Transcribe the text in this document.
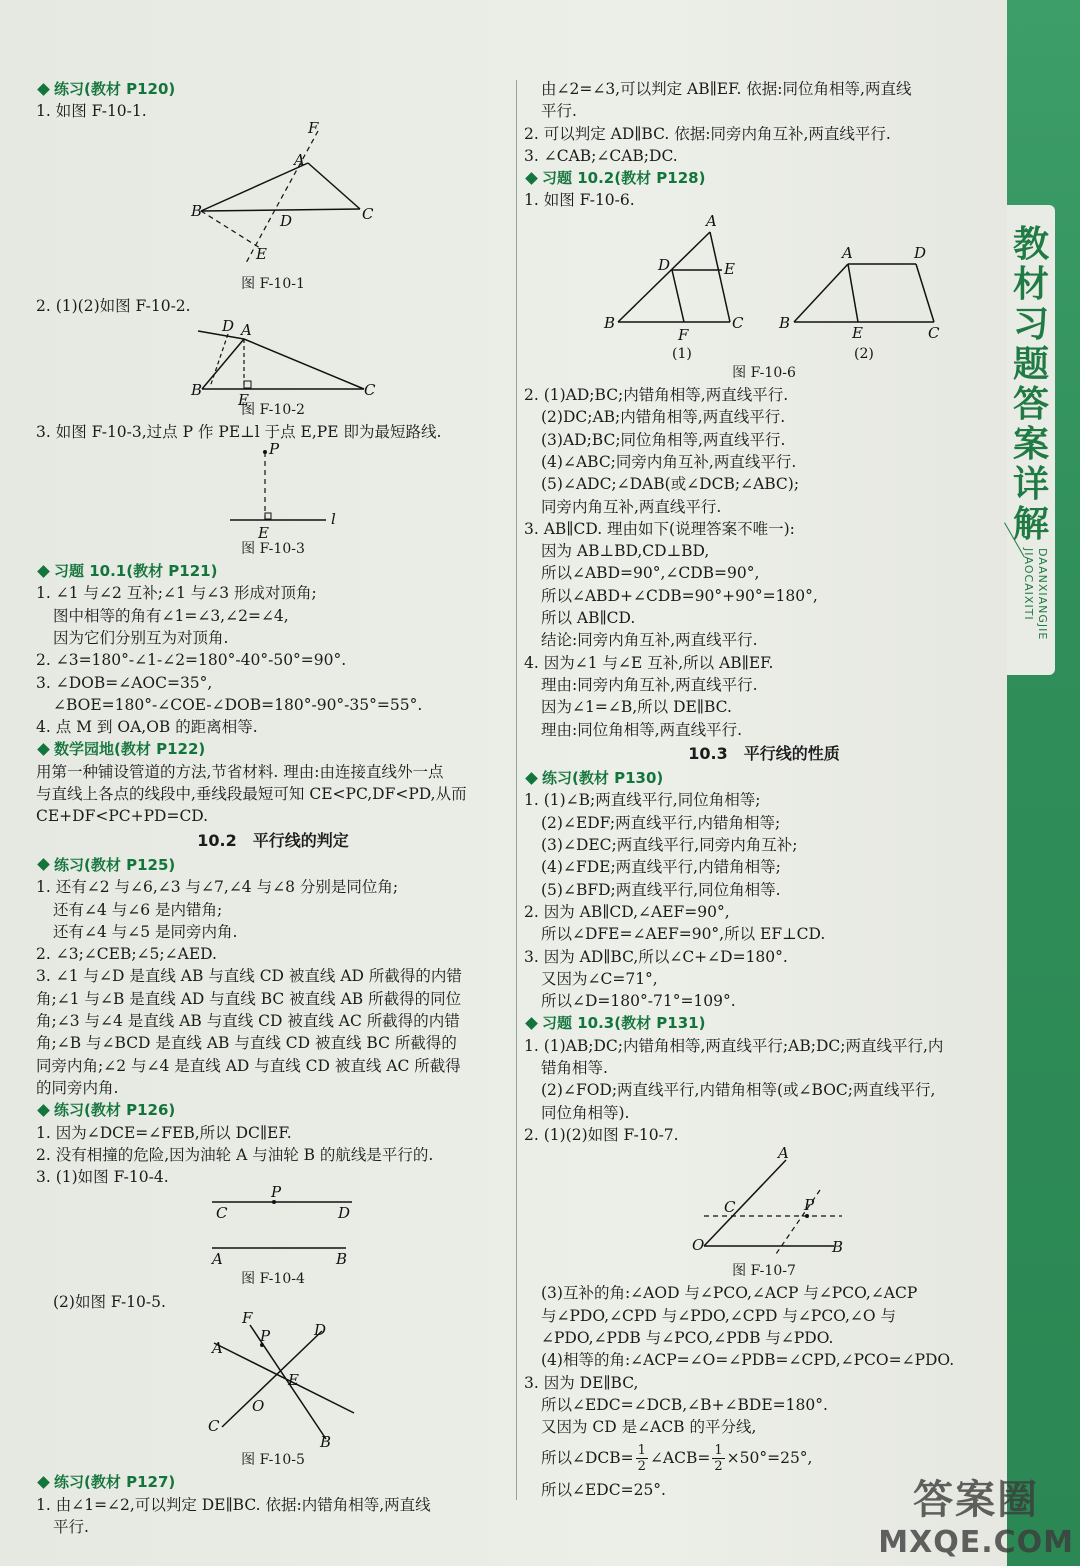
练习(教材 P120)
1. 如图 F-10-1.
F
A
B	C
D
E
图 F-10-1
2. (1)(2)如图 F-10-2.
D A
B	C
E
图 F-10-2
3. 如图 F-10-3,过点 P 作 PE⊥l 于点 E,PE 即为最短路线.
P
l
E
图 F-10-3
习题 10.1(教材 P121)
1. ∠1 与∠2 互补;∠1 与∠3 形成对顶角;
图中相等的角有∠1=∠3,∠2=∠4,
因为它们分别互为对顶角.
2. ∠3=180°-∠1-∠2=180°-40°-50°=90°.
3. ∠DOB=∠AOC=35°,
∠BOE=180°-∠COE-∠DOB=180°-90°-35°=55°.
4. 点 M 到 OA,OB 的距离相等.
数学园地(教材 P122)
用第一种铺设管道的方法,节省材料. 理由:由连接直线外一点
与直线上各点的线段中,垂线段最短可知 CE<PC,DF<PD,从而
CE+DF<PC+PD=CD.
10.2　平行线的判定
练习(教材 P125)
1. 还有∠2 与∠6,∠3 与∠7,∠4 与∠8 分别是同位角;
还有∠4 与∠6 是内错角;
还有∠4 与∠5 是同旁内角.
2. ∠3;∠CEB;∠5;∠AED.
3. ∠1 与∠D 是直线 AB 与直线 CD 被直线 AD 所截得的内错
角;∠1 与∠B 是直线 AD 与直线 BC 被直线 AB 所截得的同位
角;∠3 与∠4 是直线 AB 与直线 CD 被直线 AC 所截得的内错
角;∠B 与∠BCD 是直线 AB 与直线 CD 被直线 BC 所截得的
同旁内角;∠2 与∠4 是直线 AD 与直线 CD 被直线 AC 所截得
的同旁内角.
练习(教材 P126)
1. 因为∠DCE=∠FEB,所以 DC∥EF.
2. 没有相撞的危险,因为油轮 A 与油轮 B 的航线是平行的.
3. (1)如图 F-10-4.
P
C	D
A	B
图 F-10-4
(2)如图 F-10-5.
F
P	D
A
E
O
C
B
图 F-10-5
练习(教材 P127)
1. 由∠1=∠2,可以判定 DE∥BC. 依据:内错角相等,两直线
平行.
由∠2=∠3,可以判定 AB∥EF. 依据:同位角相等,两直线
平行.
2. 可以判定 AD∥BC. 依据:同旁内角互补,两直线平行.
3. ∠CAB;∠CAB;DC.
习题 10.2(教材 P128)
1. 如图 F-10-6.
A
D	E
B
F
C
A	D
B
E	C
(1)	(2)
图 F-10-6
2. (1)AD;BC;内错角相等,两直线平行.
(2)DC;AB;内错角相等,两直线平行.
(3)AD;BC;同位角相等,两直线平行.
(4)∠ABC;同旁内角互补,两直线平行.
(5)∠ADC;∠DAB(或∠DCB;∠ABC);
同旁内角互补,两直线平行.
3. AB∥CD. 理由如下(说理答案不唯一):
因为 AB⊥BD,CD⊥BD,
所以∠ABD=90°,∠CDB=90°,
所以∠ABD+∠CDB=90°+90°=180°,
所以 AB∥CD.
结论:同旁内角互补,两直线平行.
4. 因为∠1 与∠E 互补,所以 AB∥EF.
理由:同旁内角互补,两直线平行.
因为∠1=∠B,所以 DE∥BC.
理由:同位角相等,两直线平行.
10.3　平行线的性质
练习(教材 P130)
1. (1)∠B;两直线平行,同位角相等;
(2)∠EDF;两直线平行,内错角相等;
(3)∠DEC;两直线平行,同旁内角互补;
(4)∠FDE;两直线平行,内错角相等;
(5)∠BFD;两直线平行,同位角相等.
2. 因为 AB∥CD,∠AEF=90°,
所以∠DFE=∠AEF=90°,所以 EF⊥CD.
3. 因为 AD∥BC,所以∠C+∠D=180°.
又因为∠C=71°,
所以∠D=180°-71°=109°.
习题 10.3(教材 P131)
1. (1)AB;DC;内错角相等,两直线平行;AB;DC;两直线平行,内
错角相等.
(2)∠FOD;两直线平行,内错角相等(或∠BOC;两直线平行,
同位角相等).
2. (1)(2)如图 F-10-7.
A
C	P
O	B
图 F-10-7
(3)互补的角:∠AOD 与∠PCO,∠ACP 与∠PCO,∠ACP
与∠PDO,∠CPD 与∠PDO,∠CPD 与∠PCO,∠O 与
∠PDO,∠PDB 与∠PCO,∠PDB 与∠PDO.
(4)相等的角:∠ACP=∠O=∠PDB=∠CPD,∠PCO=∠PDO.
3. 因为 DE∥BC,
所以∠EDC=∠DCB,∠B+∠BDE=180°.
又因为 CD 是∠ACB 的平分线,
所以∠DCB= $\frac{1}{2}$ ∠ACB= $\frac{1}{2} \times 50^\circ=25^\circ$,
所以∠EDC=25°.
教材习题答案详解
JIAOCAIXITI DAANXIANGJIE
答案圈
MXQE.COM
